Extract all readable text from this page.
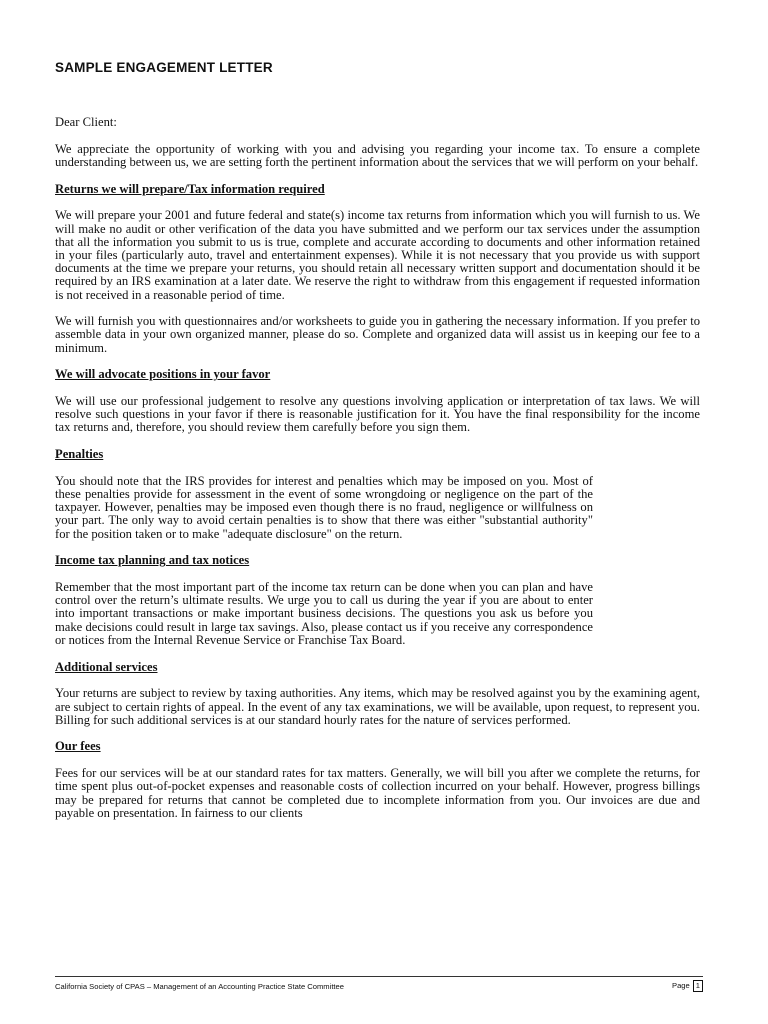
SAMPLE ENGAGEMENT LETTER

Dear Client:

We appreciate the opportunity of working with you and advising you regarding your income tax. To ensure a complete understanding between us, we are setting forth the pertinent information about the services that we will perform on your behalf.

Returns we will prepare/Tax information required

We will prepare your 2001 and future federal and state(s) income tax returns from information which you will furnish to us. We will make no audit or other verification of the data you have submitted and we perform our tax services under the assumption that all the information you submit to us is true, complete and accurate according to documents and other information retained in your files (particularly auto, travel and entertainment expenses). While it is not necessary that you provide us with support documents at the time we prepare your returns, you should retain all necessary written support and documentation should it be required by an IRS examination at a later date. We reserve the right to withdraw from this engagement if requested information is not received in a reasonable period of time.

We will furnish you with questionnaires and/or worksheets to guide you in gathering the necessary information. If you prefer to assemble data in your own organized manner, please do so. Complete and organized data will assist us in keeping our fee to a minimum.

We will advocate positions in your favor

We will use our professional judgement to resolve any questions involving application or interpretation of tax laws. We will resolve such questions in your favor if there is reasonable justification for it. You have the final responsibility for the income tax returns and, therefore, you should review them carefully before you sign them.

Penalties

You should note that the IRS provides for interest and penalties which may be imposed on you. Most of these penalties provide for assessment in the event of some wrongdoing or negligence on the part of the taxpayer. However, penalties may be imposed even though there is no fraud, negligence or willfulness on your part. The only way to avoid certain penalties is to show that there was either "substantial authority" for the position taken or to make "adequate disclosure" on the return.

Income tax planning and tax notices

Remember that the most important part of the income tax return can be done when you can plan and have control over the return’s ultimate results. We urge you to call us during the year if you are about to enter into important transactions or make important business decisions. The questions you ask us before you make decisions could result in large tax savings. Also, please contact us if you receive any correspondence or notices from the Internal Revenue Service or Franchise Tax Board.

Additional services

Your returns are subject to review by taxing authorities. Any items, which may be resolved against you by the examining agent, are subject to certain rights of appeal. In the event of any tax examinations, we will be available, upon request, to represent you. Billing for such additional services is at our standard hourly rates for the nature of services performed.

Our fees

Fees for our services will be at our standard rates for tax matters. Generally, we will bill you after we complete the returns, for time spent plus out-of-pocket expenses and reasonable costs of collection incurred on your behalf. However, progress billings may be prepared for returns that cannot be completed due to incomplete information from you. Our invoices are due and payable on presentation. In fairness to our clients

California Society of CPAS – Management of an Accounting Practice State Committee	Page 1
